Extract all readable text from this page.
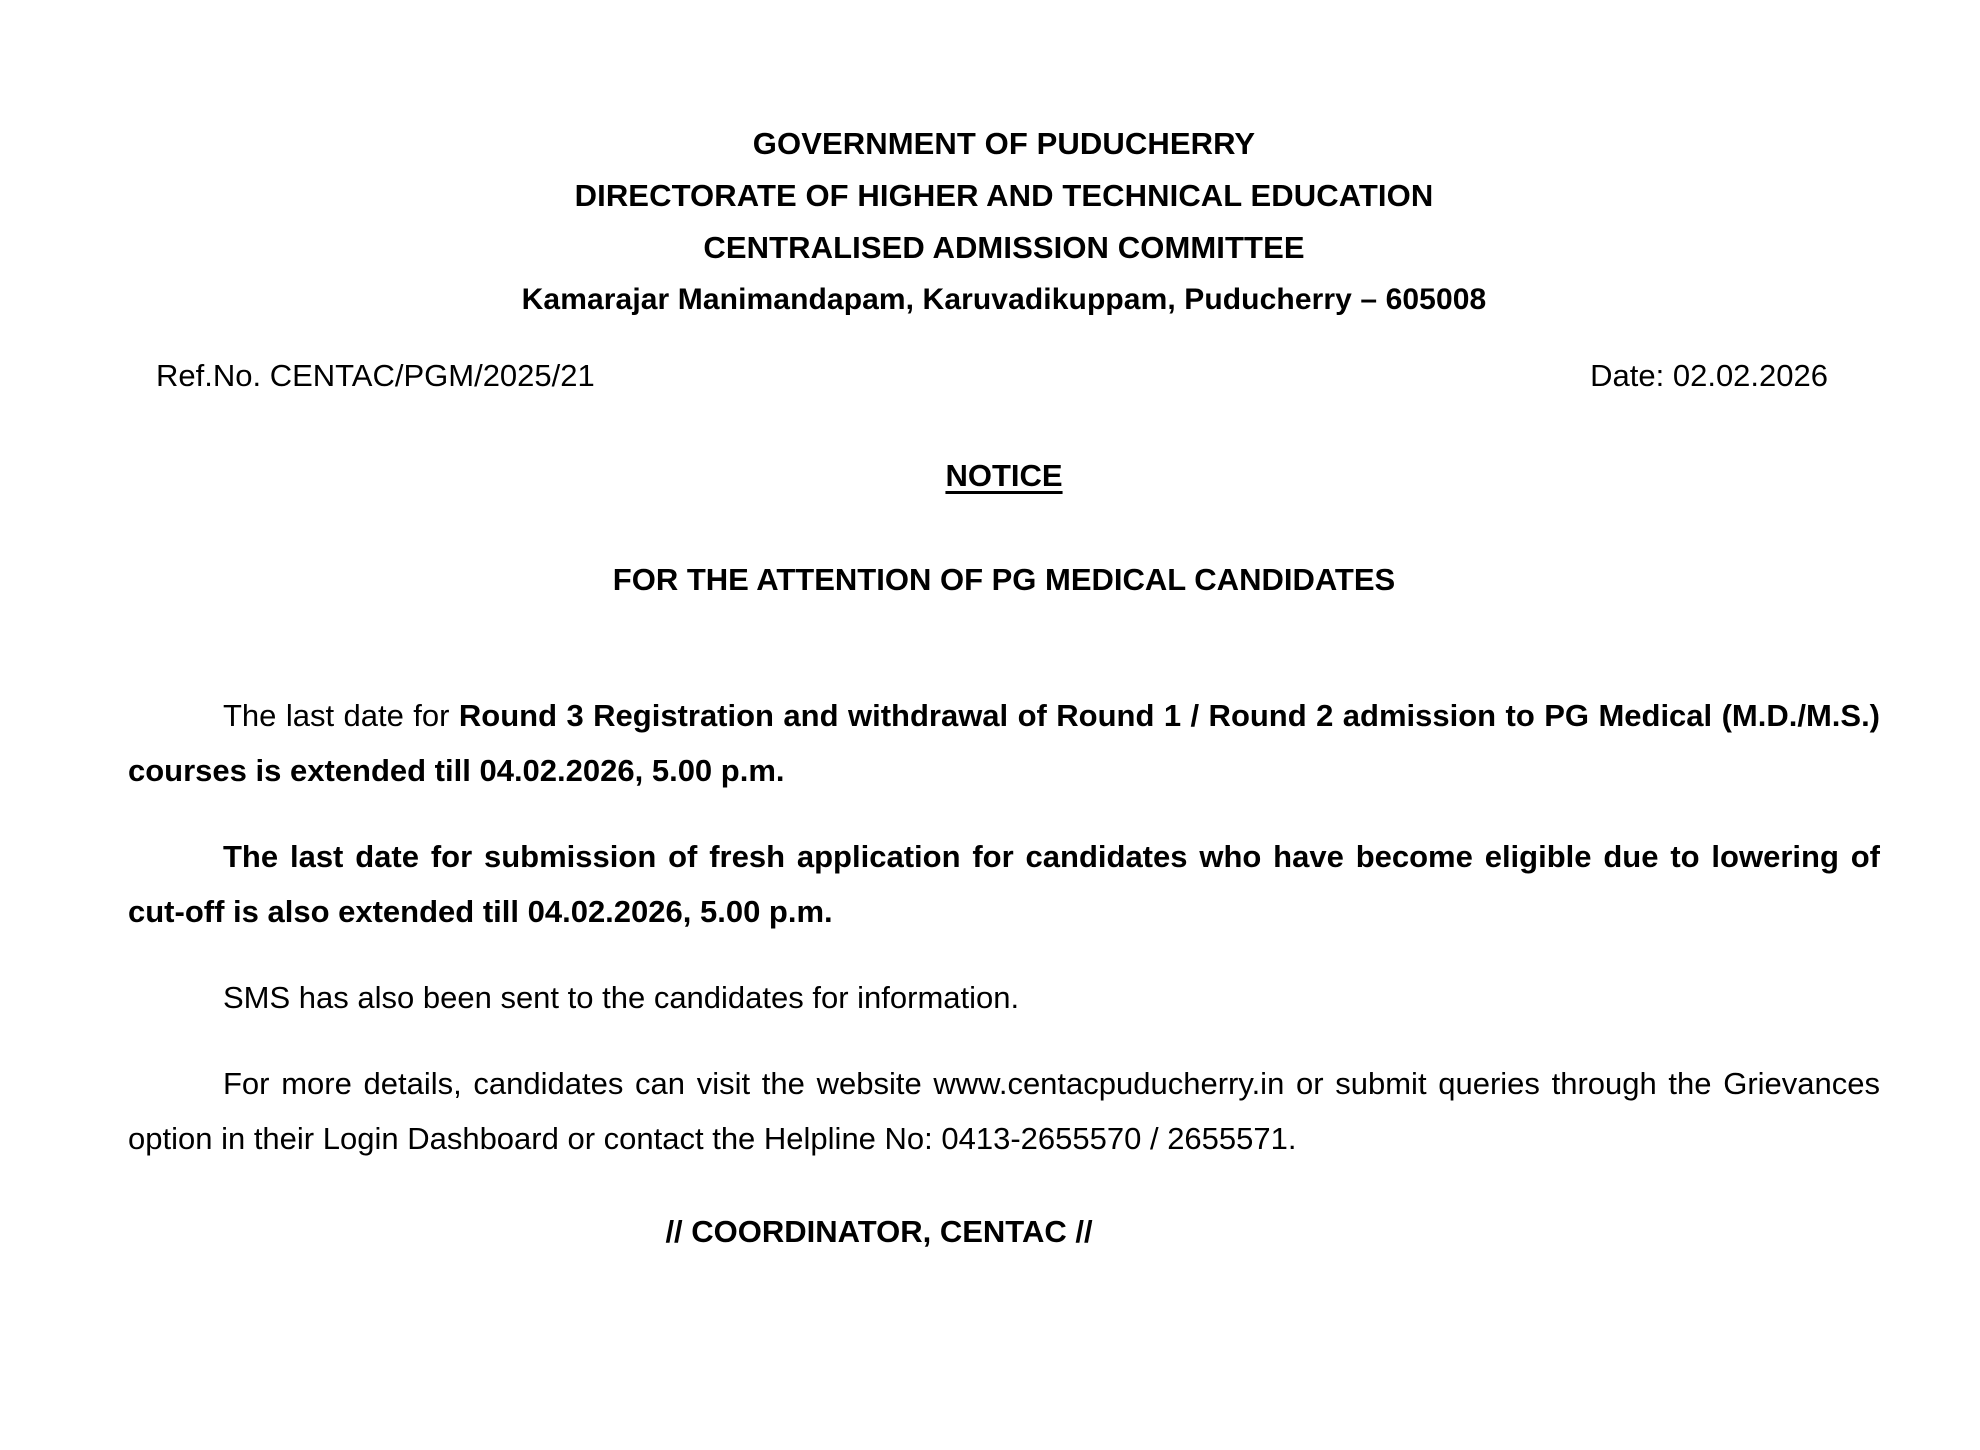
GOVERNMENT OF PUDUCHERRY
DIRECTORATE OF HIGHER AND TECHNICAL EDUCATION
CENTRALISED ADMISSION COMMITTEE
Kamarajar Manimandapam, Karuvadikuppam, Puducherry – 605008
Ref.No. CENTAC/PGM/2025/21	Date: 02.02.2026
NOTICE
FOR THE ATTENTION OF PG MEDICAL CANDIDATES

The last date for Round 3 Registration and withdrawal of Round 1 / Round 2 admission to PG Medical (M.D./M.S.) courses is extended till 04.02.2026, 5.00 p.m.

The last date for submission of fresh application for candidates who have become eligible due to lowering of cut-off is also extended till 04.02.2026, 5.00 p.m.

SMS has also been sent to the candidates for information.

For more details, candidates can visit the website www.centacpuducherry.in or submit queries through the Grievances option in their Login Dashboard or contact the Helpline No: 0413-2655570 / 2655571.

// COORDINATOR, CENTAC //
